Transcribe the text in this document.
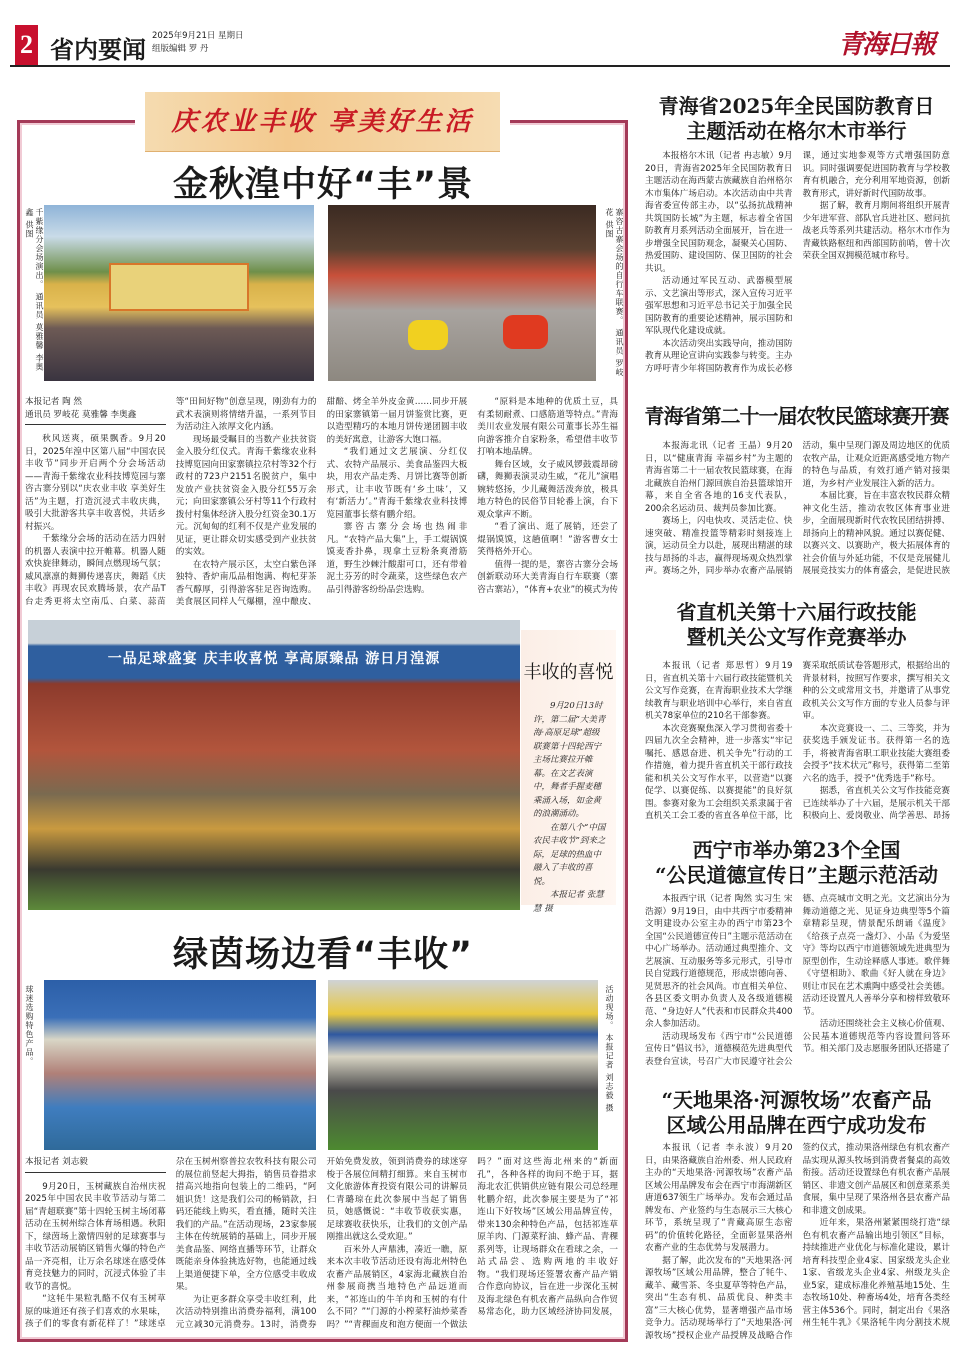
2 省内要闻 2025年9月21日 星期日
组版编辑 罗 丹	青海日報
庆农业丰收 享美好生活
金秋湟中好“丰”景
千紫缘分会场演出。 通讯员 莫雅馨 李奥鑫 供图	寨咨古寨会场的自行车联赛。 通讯员 罗岐花 供图
本报记者 陶 然
通讯员 罗岐花 莫雅馨 李奥鑫

秋风送爽，硕果飘香。9月20日，2025年湟中区第八届“中国农民丰收节”同步开启两个分会场活动——青海千紫缘农业科技博览园与寨咨古寨分别以“庆农业丰收 享美好生活”为主题，打造沉浸式丰收庆典，吸引大批游客共享丰收喜悦，共话乡村振兴。

千紫缘分会场的活动在活力四射的机器人表演中拉开帷幕。机器人随欢快旋律舞动，瞬间点燃现场气氛；威风凛凛的舞狮传递喜庆，舞蹈《庆丰收》再现农民欢腾场景，农产品T台走秀更将太空南瓜、白菜、蒜苗等“田间好物”创意呈现，刚劲有力的武术表演则将情绪升温，一系列节目为活动注入浓厚文化内涵。

现场最受瞩目的当数产业扶贫资金入股分红仪式。青海千紫缘农业科技博览园向田家寨镇拉尕村等32个行政村的723户2151名脱贫户，集中发放产业扶贫资金入股分红55万余元；向田家寨镇公牙村等11个行政村拨付村集体经济入股分红资金30.1万元。沉甸甸的红利不仅是产业发展的见证，更让群众切实感受到产业扶贫的实效。

在农特产展示区，太空白紫色泽独特、香炉南瓜品相饱满、枸杞芽茶香气醇厚，引得游客驻足咨询选购。美食展区同样人气爆棚，湟中酿皮、甜醅、烤全羊外皮金黄……同步开展的田家寨镇第一届月饼鉴赏比赛，更以造型精巧的本地月饼传递团圆丰收的美好寓意，让游客大饱口福。

“我们通过文艺展演、分红仪式、农特产品展示、美食品鉴四大板块，用农产品走秀、月饼比赛等创新形式，让丰收节既有‘乡土味’，又有‘新活力’。”青海千紫缘农业科技博览园董事长蔡有鹏介绍。

寨咨古寨分会场也热闹非凡。“农特产品大集”上，手工焜锅馍馍麦香扑鼻，现拿土豆粉条爽滑筋道，野生沙棘汁酸甜可口，还有带着泥土芬芳的时令蔬菜，这些绿色农产品引得游客纷纷品尝选购。

“原料是本地种的优质土豆，具有柔韧耐煮、口感筋道等特点。”青海美川农业发展有限公司董事长苏生福向游客推介自家粉条，希望借丰收节打响本地品牌。

舞台区域，女子威风锣鼓震昂磅礴，舞狮表演灵动生威，“花儿”演唱婉转悠扬，少儿藏舞活泼奔放，极具地方特色的民俗节目轮番上演，台下观众掌声不断。

“看了演出、逛了展销，还尝了焜锅馍馍，这趟值啊！”游客曹女士笑得格外开心。

值得一提的是，寨咨古寨分会场创新联动环大美青海自行车联赛（寨咨古寨站），“体育+农业”的模式为传

一品足球盛宴 庆丰收喜悦 享高原臻品 游日月湟源
丰收的喜悦

9月20日13时许，第二届“大美青海·高原足球”超级联赛第十四轮西宁主场比赛拉开帷幕。在文艺表演中，舞者手握麦穗乘涌入场，如金黄的浪潮涌动。

在第八个“中国农民丰收节”到来之际，足球的热血中融入了丰收的喜悦。

本报记者 张慧慧 摄
绿茵场边看“丰收”
球迷选购特色产品。	活动现场。 本报记者 刘志毅 摄
本报记者 刘志毅

9月20日，玉树藏族自治州庆祝2025年中国农民丰收节活动与第二届“青超联赛”第十四轮玉树主场闭幕活动在玉树州综合体育场相遇。秋阳下，绿茵场上激情四射的足球赛事与丰收节活动展销区销售火爆的特色产品一齐亮相，让万余名球迷在感受体育竞技魅力的同时，沉浸式体验了丰收节的喜悦。

“这牦牛果粒乳酪不仅有玉树草原的味道还有孩子们喜欢的水果味，孩子们的零食有新花样了！”球迷卓尕在玉树州察普拉农牧科技有限公司的展位前竖起大拇指，销售员眷措求措高兴地指向包装上的二维码，“阿姐识货！这是我们公司的畅销款，扫码还能线上购买，看直播，随时关注我们的产品。”在活动现场，23家参展主体在传统展销的基础上，同步开展美食品鉴、网络直播等环节，让群众既能亲身体验挑选好物，也能通过线上渠道便捷下单，全方位感受丰收成果。

为让更多群众享受丰收红利，此次活动特别推出消费券福利，满100元立减30元消费券。13时，消费券开始免费发放，领到消费券的球迷穿梭于各展位间精打细算。来自玉树市文化旅游体育投资有限公司的讲解员仁青璐琼在此次参展中当起了销售员，她感慨说：“丰收节收获实惠，足球赛收获快乐，让我们的文创产品刚推出就这么受欢迎。”

百米外人声鼎沸，凑近一瞧，原来本次丰收节活动还设有海北州特色农畜产品展销区，4家海北藏族自治州参展商携当地特色产品远道而来，“祁连山的牛羊肉和玉树的有什么不同？”“门源的小榨菜籽油炒菜香吗？”“青稞面皮和泡方便面一个做法吗？”面对这些海北州来的“新面孔”，各种各样的询问不绝于耳，据海北农汇供销供应链有限公司总经理牝鹏介绍，此次参展主要是为了“祁连山下好牧场”区域公用品牌宣传，带来130余种特色产品，包括祁连草原羊肉、门源菜籽油、蜂产品、青稞系列等，让现场群众在看球之余，一站式品尝、选购两地的丰收好物。“我们现场还签署农畜产品产销合作意向协议，旨在进一步深化玉树及海北绿色有机农畜产品纵向合作贸易常态化，助力区域经济协同发展，

青海省2025年全民国防教育日
主题活动在格尔木市举行

本报格尔木讯（记者 冉志敏）9月20日，青海省2025年全民国防教育日主题活动在海西蒙古族藏族自治州格尔木市集体广场启动。本次活动由中共青海省委宣传部主办，以“弘扬抗战精神 共筑国防长城”为主题，标志着全省国防教育月系列活动全面展开，旨在进一步增强全民国防观念，凝聚关心国防、热爱国防、建设国防、保卫国防的社会共识。

活动通过军民互动、武器模型展示、文艺演出等形式，深入宣传习近平强军思想和习近平总书记关于加强全民国防教育的重要论述精神，展示国防和军队现代化建设成就。

本次活动突出实践导向，推动国防教育从理论宣讲向实践参与转变。主办方呼吁青少年将国防教育作为成长必修课，通过实地参观等方式增强国防意识。同时强调要促进国防教育与学校教育有机融合，充分利用军地资源，创新教育形式，讲好新时代国防故事。

据了解，教育月期间将组织开展青少年进军营、部队官兵进社区、慰问抗战老兵等系列共建活动。格尔木市作为青藏铁路枢纽和西部国防前哨，曾十次荣获全国双拥模范城市称号。

青海省第二十一届农牧民篮球赛开赛

本报海北讯（记者 王晶）9月20日，以“健康青海 幸福乡村”为主题的青海省第二十一届农牧民篮球赛，在海北藏族自治州门源回族自治县篮球馆开幕，来自全省各地的16支代表队，200余名运动员、裁判员参加比赛。

赛场上，闪电快攻、灵活走位、快速突破、精准投篮等精彩时刻接连上演，运动员全力以赴，展现出精湛的球技与昂扬的斗志，赢得现场观众热烈掌声。赛场之外，同步举办农畜产品展销活动，集中呈现门源及周边地区的优质农牧产品，让观众近距离感受地方物产的特色与品质，有效打通产销对接渠道，为乡村产业发展注入新的活力。

本届比赛，旨在丰富农牧民群众精神文化生活，推动农牧区体育事业进步，全面展现新时代农牧民团结拼搏、昂扬向上的精神风貌。通过以赛促健、以赛兴文、以赛助产，极大拓展体育的社会价值与外延功能，不仅是竞展健儿展展竞技实力的体育盛会，是促进民族

省直机关第十六届行政技能
暨机关公文写作竞赛举办

本报讯（记者 郑思哲）9月19日，省直机关第十六届行政技能暨机关公文写作竞赛，在青海职业技术大学继续教育与职业培训中心举行，来自省直机关78家单位的210名干部参赛。

本次竞赛聚焦深入学习贯彻省委十四届九次全会精神，进一步落实“牢记嘱托、感恩奋进、机关争先”行动的工作措施，着力提升省直机关干部行政技能和机关公文写作水平，以营造“以赛促学、以赛促练、以赛提能”的良好氛围。参赛对象为工会组织关系隶属于省直机关工会工委的省直各单位干部，比赛采取纸质试卷答题形式，根据给出的背景材料，按照写作要求，撰写相关文种的公文或常用文书，并邀请了从事党政机关公文写作方面的专业人员参与评审。

本次竞赛设一、二、三等奖，并为获奖选手颁发证书。获得第一名的选手，将被青海省职工职业技能大赛组委会授予“技术状元”称号，获得第二至第六名的选手，授予“优秀选手”称号。

据悉，省直机关公文写作技能竞赛已连续举办了十六届，是展示机关干部积极向上、爱岗敬业、尚学善思、昂扬

西宁市举办第23个全国
“公民道德宣传日”主题示范活动

本报西宁讯（记者 陶然 实习生 宋浩源）9月19日，由中共西宁市委精神文明建设办公室主办的西宁市第23个全国“公民道德宣传日”主题示范活动在中心广场举办。活动通过典型推介、文艺展演、互动服务等多元形式，引导市民自觉践行道德规范，形成崇德向善、见贤思齐的社会风尚。市直相关单位、各县区委文明办负责人及各级道德模范、“身边好人”代表和市民群众共400余人参加活动。

活动现场发布《西宁市“公民道德宣传日”倡议书》，道德模范先进典型代表登台宣读，号召广大市民遵守社会公德、点亮城市文明之光。文艺演出分为舞动道德之光、见证身边典型等5个篇章精彩呈现，情景配乐朗诵《温度》《给孩子点亮一盏灯》、小品《为爱坚守》等均以西宁市道德领域先进典型为原型创作，生动诠释感人事迹。歌伴舞《守望相助》、歌曲《好人就在身边》则让市民在艺术熏陶中感受社会美德。活动还设置凡人善举分享和榜样致敬环节。

活动还围绕社会主义核心价值观、公民基本道德规范等内容设置问答环节。相关部门及志愿服务团队还搭建了

“天地果洛·河源牧场”农畜产品
区域公用品牌在西宁成功发布

本报讯（记者 李永波）9月20日，由果洛藏族自治州委、州人民政府主办的“天地果洛·河源牧场”农畜产品区域公用品牌发布会在西宁市海湖新区唐道637领生广场举办。发布会通过品牌发布、产业签约与生态展示三大核心环节，系统呈现了“青藏高原生态密码”的价值转化路径，全面彰显果洛州农畜产业的生态优势与发展潜力。

据了解，此次发布的“天地果洛·河源牧场”区域公用品牌，整合了牦牛、藏羊、藏雪茶、冬虫夏草等特色产品，突出“生态有机、品质优良、种类丰富”三大核心优势，显著增强产品市场竞争力。活动现场举行了“天地果洛·河源牧场”授权企业产品授牌及战略合作签约仪式，推动果洛州绿色有机农畜产品实现从源头牧场到消费者餐桌的高效衔接。活动还设置绿色有机农畜产品展销区、非遗文创产品展区和创意菜系美食展，集中呈现了果洛州各县农畜产品和非遗文创成果。

近年来，果洛州紧紧围绕打造“绿色有机农畜产品输出地引领区”目标，持续推进产业优化与标准化建设，累计培育科技型企业4家、国家级龙头企业1家、省级龙头企业4家、州级龙头企业5家，建成标准化养殖基地15处、生态牧场10处、种畜场4处，培育各类经营主体536个。同时，制定出台《果洛州生牦牛乳》《果洛牦牛肉分割技术规
